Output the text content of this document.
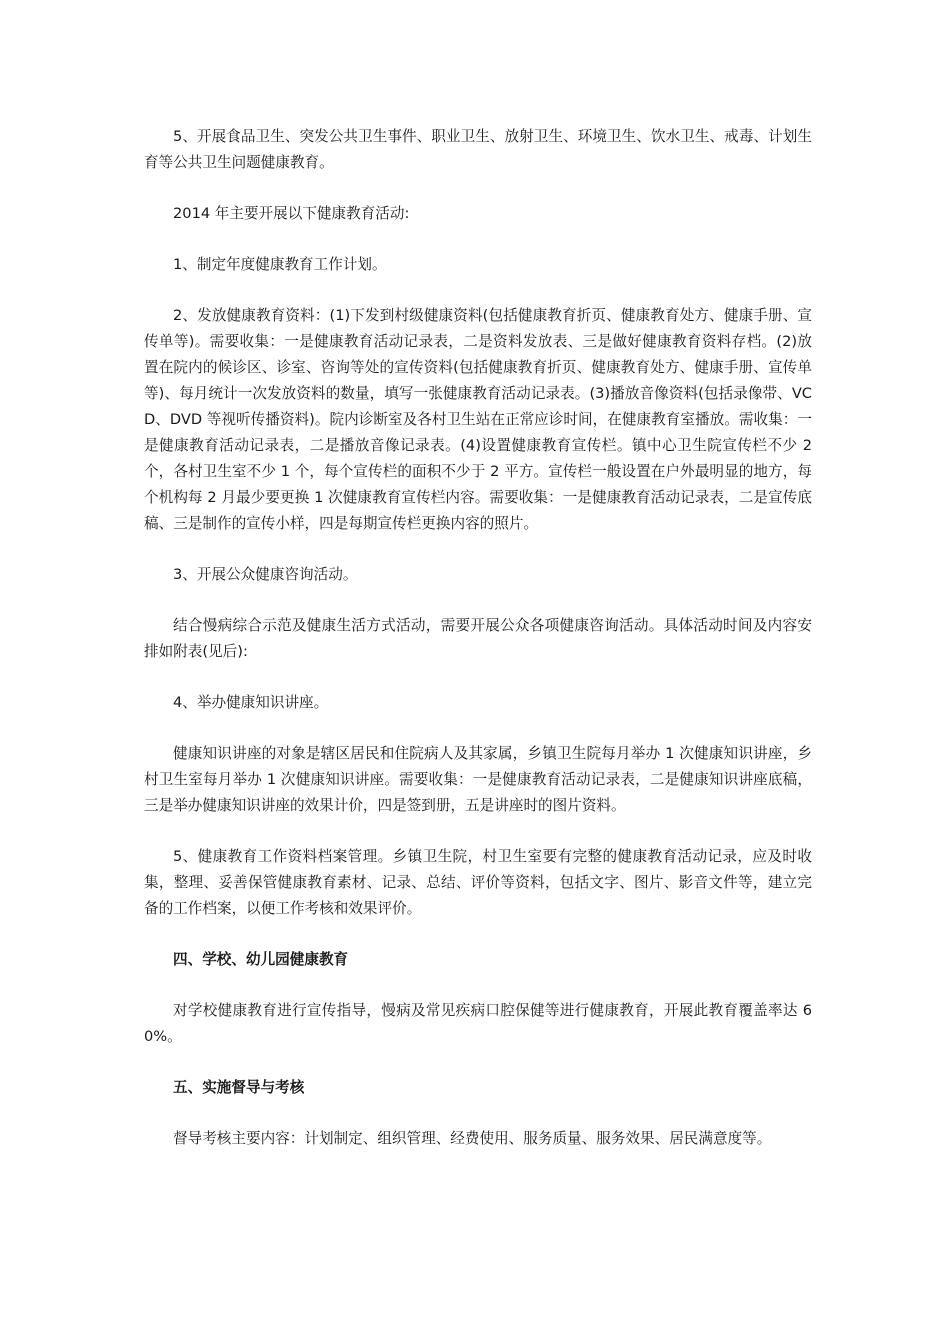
5、开展食品卫生、突发公共卫生事件、职业卫生、放射卫生、环境卫生、饮水卫生、戒毒、计划生育等公共卫生问题健康教育。

2014 年主要开展以下健康教育活动:

1、制定年度健康教育工作计划。

2、发放健康教育资料：(1)下发到村级健康资料(包括健康教育折页、健康教育处方、健康手册、宣传单等)。需要收集：一是健康教育活动记录表，二是资料发放表、三是做好健康教育资料存档。(2)放置在院内的候诊区、诊室、咨询等处的宣传资料(包括健康教育折页、健康教育处方、健康手册、宣传单等)、每月统计一次发放资料的数量，填写一张健康教育活动记录表。(3)播放音像资料(包括录像带、VCD、DVD 等视听传播资料)。院内诊断室及各村卫生站在正常应诊时间，在健康教育室播放。需收集：一是健康教育活动记录表，二是播放音像记录表。(4)设置健康教育宣传栏。镇中心卫生院宣传栏不少 2 个，各村卫生室不少 1 个，每个宣传栏的面积不少于 2 平方。宣传栏一般设置在户外最明显的地方，每个机构每 2 月最少要更换 1 次健康教育宣传栏内容。需要收集：一是健康教育活动记录表，二是宣传底稿、三是制作的宣传小样，四是每期宣传栏更换内容的照片。

3、开展公众健康咨询活动。

结合慢病综合示范及健康生活方式活动，需要开展公众各项健康咨询活动。具体活动时间及内容安排如附表(见后):

4、举办健康知识讲座。

健康知识讲座的对象是辖区居民和住院病人及其家属，乡镇卫生院每月举办 1 次健康知识讲座，乡村卫生室每月举办 1 次健康知识讲座。需要收集：一是健康教育活动记录表，二是健康知识讲座底稿，三是举办健康知识讲座的效果计价，四是签到册，五是讲座时的图片资料。

5、健康教育工作资料档案管理。乡镇卫生院，村卫生室要有完整的健康教育活动记录，应及时收集，整理、妥善保管健康教育素材、记录、总结、评价等资料，包括文字、图片、影音文件等，建立完备的工作档案，以便工作考核和效果评价。

四、学校、幼儿园健康教育

对学校健康教育进行宣传指导，慢病及常见疾病口腔保健等进行健康教育，开展此教育覆盖率达 60%。

五、实施督导与考核

督导考核主要内容：计划制定、组织管理、经费使用、服务质量、服务效果、居民满意度等。
